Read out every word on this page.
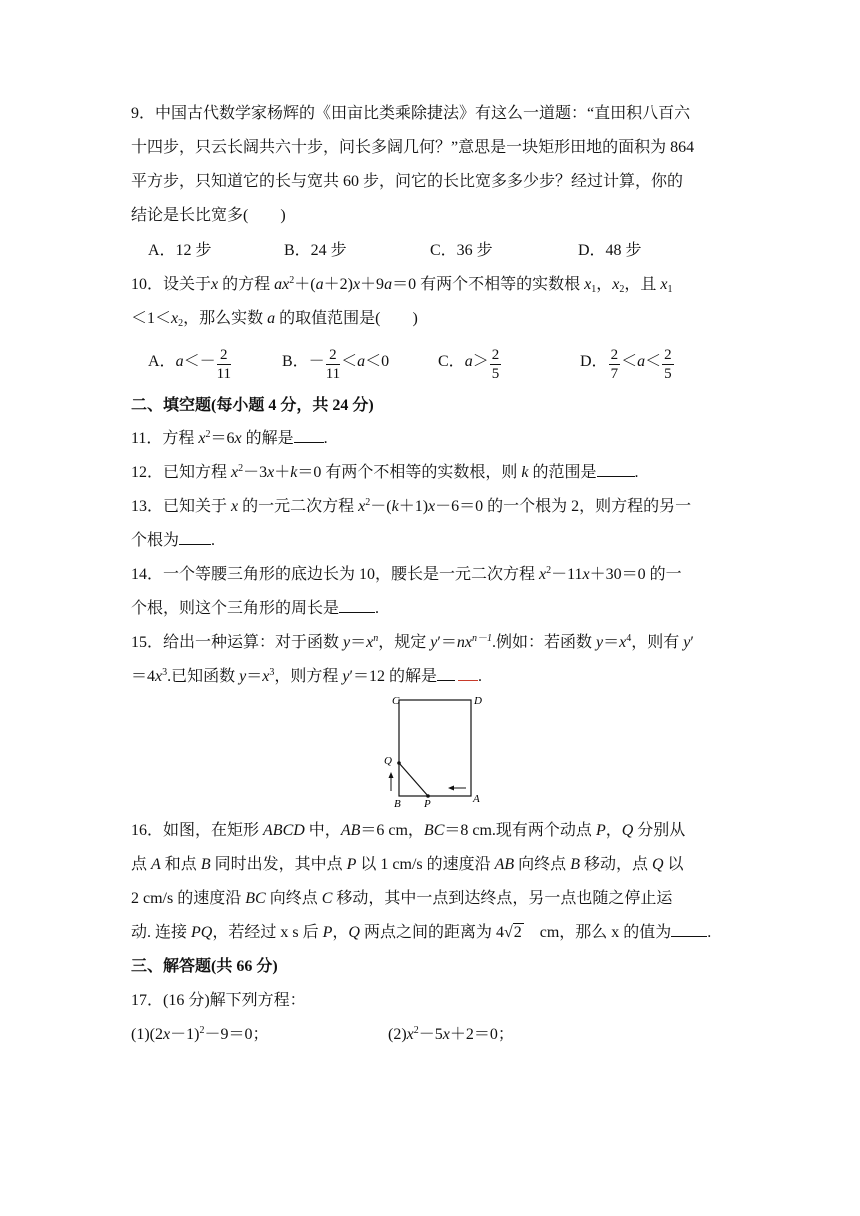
9．中国古代数学家杨辉的《田亩比类乘除捷法》有这么一道题：“直田积八百六
十四步，只云长阔共六十步，问长多阔几何？”意思是一块矩形田地的面积为 864
平方步，只知道它的长与宽共 60 步，问它的长比宽多多少步？经过计算，你的
结论是长比宽多(　　)
A．12 步	B．24 步	C．36 步	D．48 步
10．设关于x 的方程 $ax^2+(a+2)x+9a=0$ 有两个不相等的实数根 $x_1$，$x_2$，且 $x_1$
$<1<x_2$，那么实数 a 的取值范围是(　　)
A．$a<- \frac{2}{11}$	B．－ $\frac{2}{11} <a<0$	C．$a> \frac{2}{5}$	D． $\frac{2}{7} <a< \frac{2}{5}$
二、填空题(每小题 4 分，共 24 分)
11．方程 $x^2=6x$ 的解是 .
12．已知方程 $x^2-3x+k=0$ 有两个不相等的实数根，则 k 的范围是 .
13．已知关于 x 的一元二次方程 $x^2-(k+1)x-6=0$ 的一个根为 2，则方程的另一
个根为 .
14．一个等腰三角形的底边长为 10，腰长是一元二次方程 $x^2-11x+30=0$ 的一
个根，则这个三角形的周长是 .
15．给出一种运算：对于函数 $y=x^n$，规定 $y'=nx^{n-1}$.例如：若函数 $y=x^4$，则有 y′
$=4x^3$.已知函数 $y=x^3$，则方程 y′＝12 的解是	.
C	D
Q
B P	A
16．如图，在矩形 ABCD 中，AB＝6 cm，BC＝8 cm.现有两个动点 P，Q 分别从
点 A 和点 B 同时出发，其中点 P 以 1 cm/s 的速度沿 AB 向终点 B 移动，点 Q 以
2 cm/s 的速度沿 BC 向终点 C 移动，其中一点到达终点，另一点也随之停止运
动. 连接 PQ，若经过 x s 后 P，Q 两点之间的距离为 4√2　cm，那么 x 的值为 .
三、解答题(共 66 分)
17．(16 分)解下列方程：
$(1)(2x-1)^2-9=0$；	$(2)x^2-5x+2=0$；
